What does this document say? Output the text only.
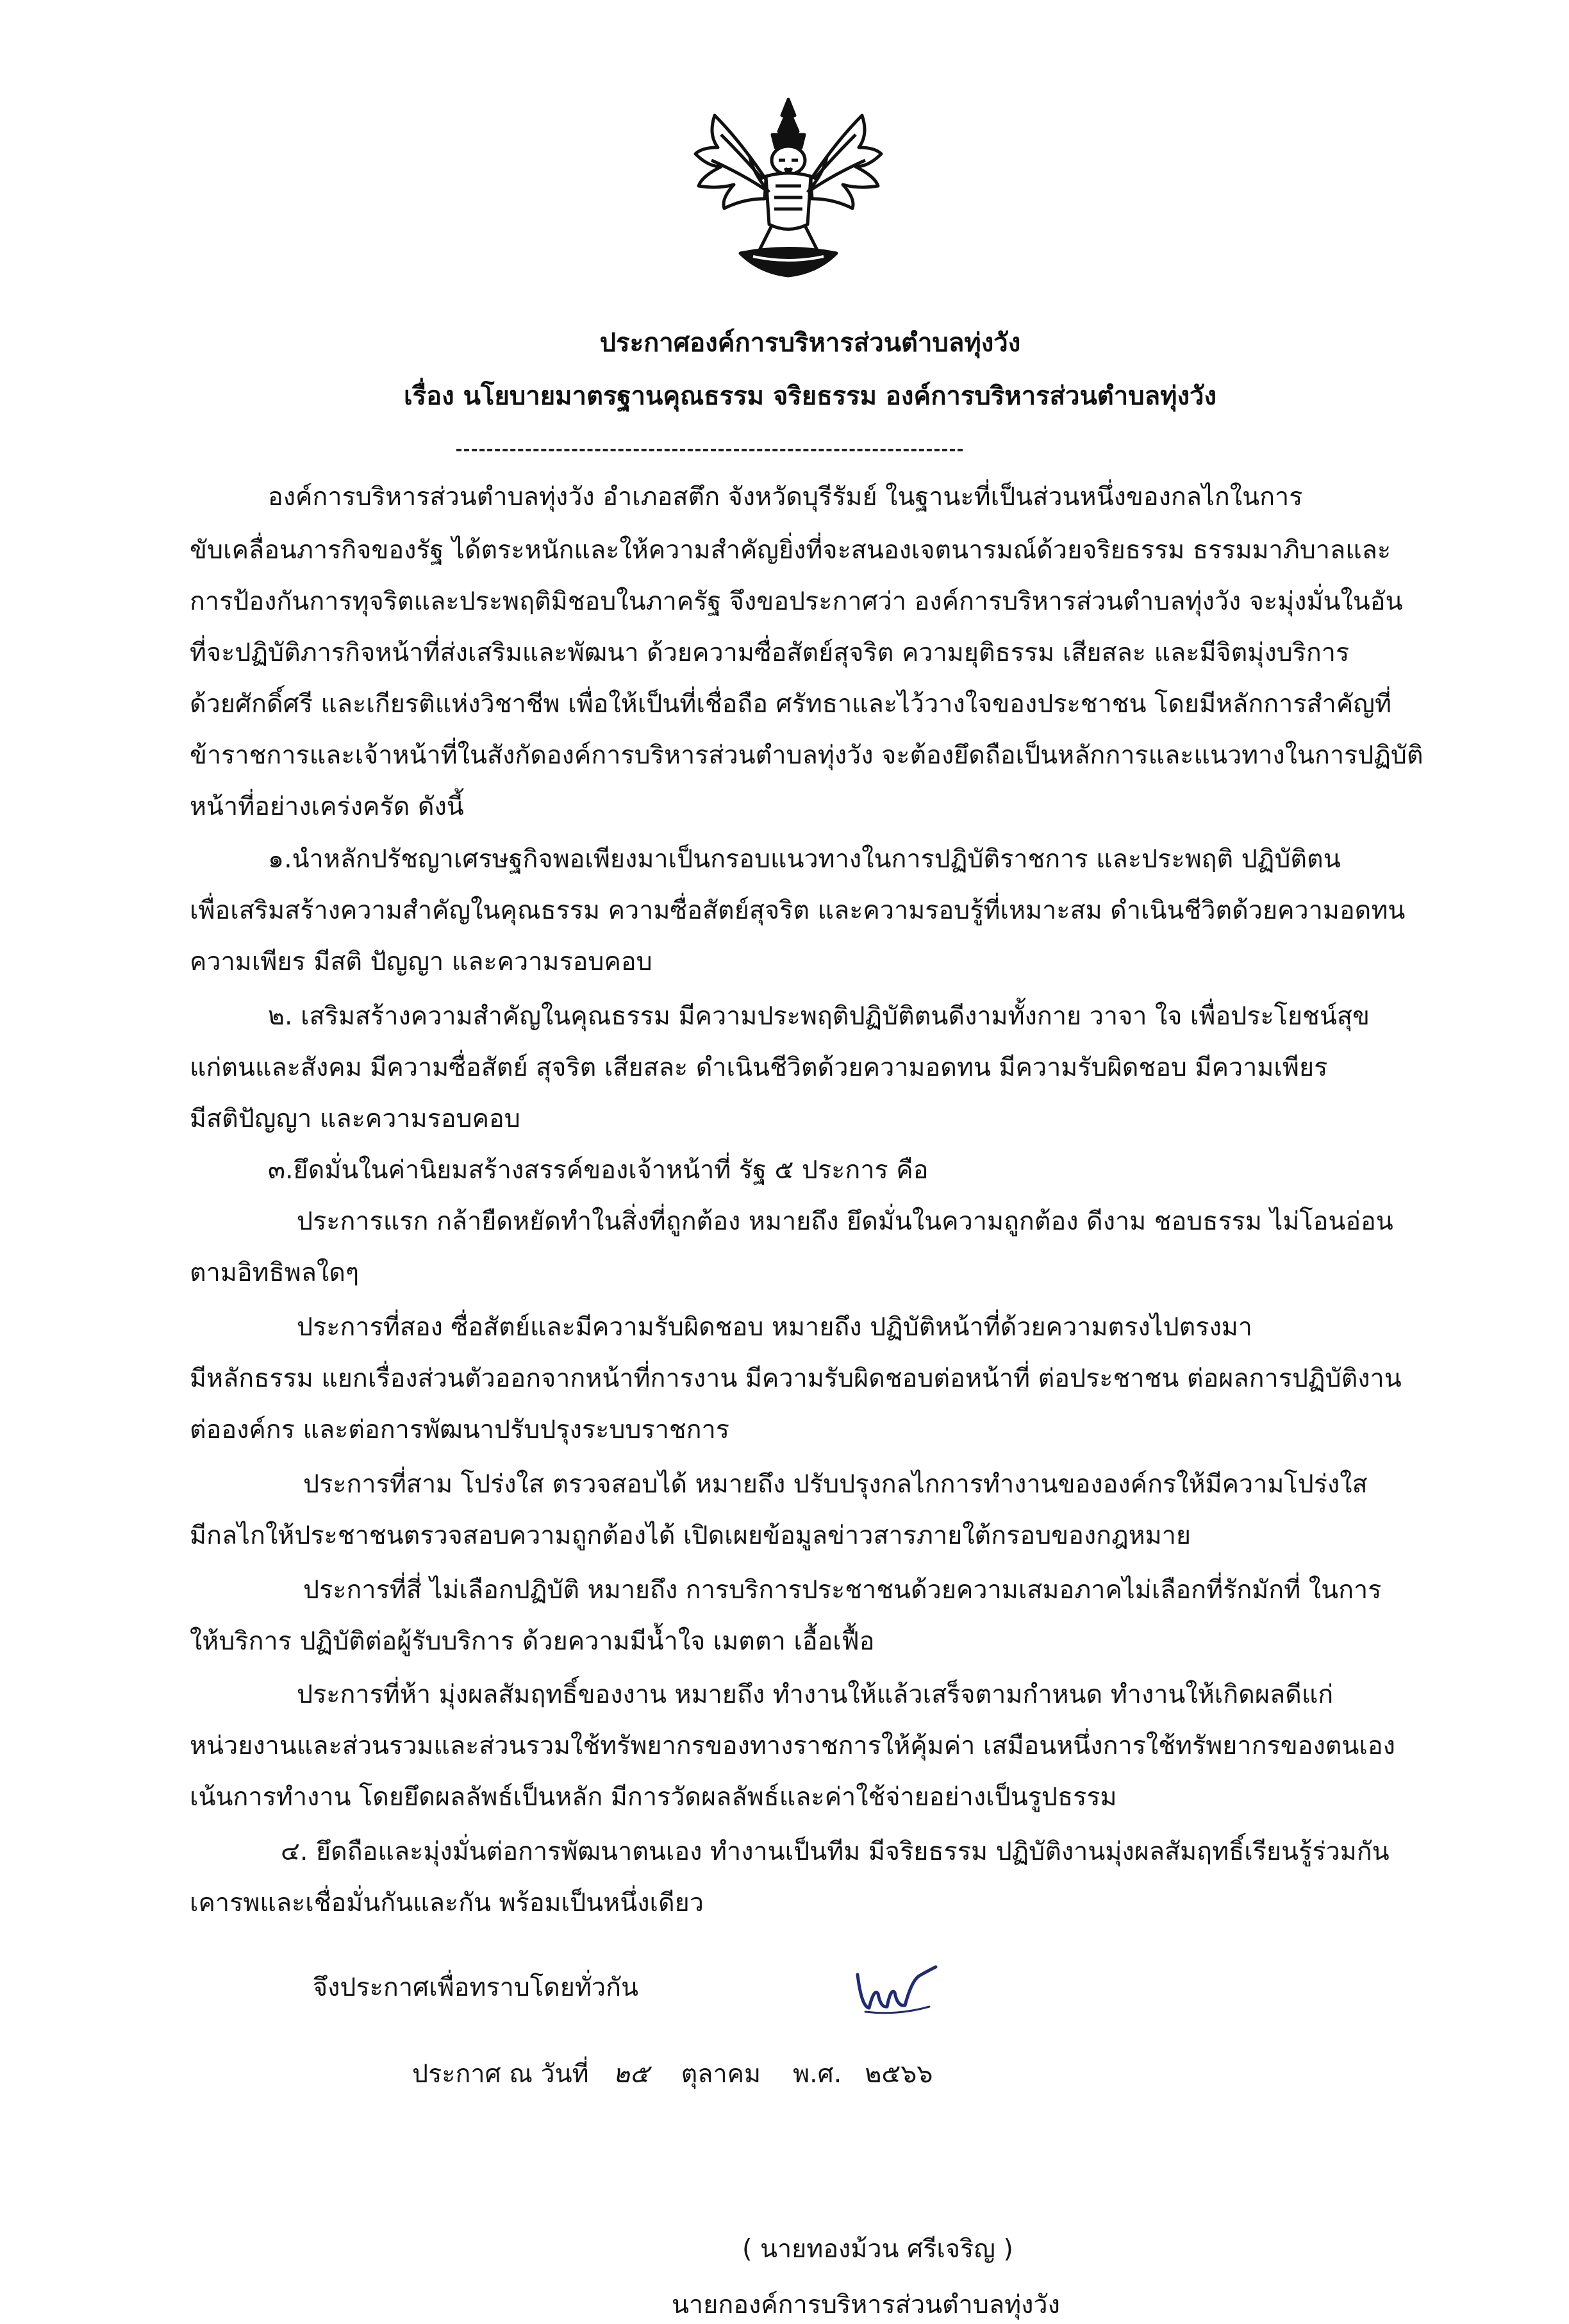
ประกาศองค์การบริหารส่วนตำบลทุ่งวัง
เรื่อง นโยบายมาตรฐานคุณธรรม จริยธรรม องค์การบริหารส่วนตำบลทุ่งวัง
องค์การบริหารส่วนตำบลทุ่งวัง อำเภอสตึก จังหวัดบุรีรัมย์ ในฐานะที่เป็นส่วนหนึ่งของกลไกในการ
ขับเคลื่อนภารกิจของรัฐ ได้ตระหนักและให้ความสำคัญยิ่งที่จะสนองเจตนารมณ์ด้วยจริยธรรม ธรรมมาภิบาลและ
การป้องกันการทุจริตและประพฤติมิชอบในภาครัฐ จึงขอประกาศว่า องค์การบริหารส่วนตำบลทุ่งวัง จะมุ่งมั่นในอัน
ที่จะปฏิบัติภารกิจหน้าที่ส่งเสริมและพัฒนา ด้วยความซื่อสัตย์สุจริต ความยุติธรรม เสียสละ และมีจิตมุ่งบริการ
ด้วยศักดิ์ศรี และเกียรติแห่งวิชาชีพ เพื่อให้เป็นที่เชื่อถือ ศรัทธาและไว้วางใจของประชาชน โดยมีหลักการสำคัญที่
ข้าราชการและเจ้าหน้าที่ในสังกัดองค์การบริหารส่วนตำบลทุ่งวัง จะต้องยึดถือเป็นหลักการและแนวทางในการปฏิบัติ
หน้าที่อย่างเคร่งครัด ดังนี้
๑.นำหลักปรัชญาเศรษฐกิจพอเพียงมาเป็นกรอบแนวทางในการปฏิบัติราชการ และประพฤติ ปฏิบัติตน
เพื่อเสริมสร้างความสำคัญในคุณธรรม ความซื่อสัตย์สุจริต และความรอบรู้ที่เหมาะสม ดำเนินชีวิตด้วยความอดทน
ความเพียร มีสติ ปัญญา และความรอบคอบ
๒. เสริมสร้างความสำคัญในคุณธรรม มีความประพฤติปฏิบัติตนดีงามทั้งกาย วาจา ใจ เพื่อประโยชน์สุข
แก่ตนและสังคม มีความซื่อสัตย์ สุจริต เสียสละ ดำเนินชีวิตด้วยความอดทน มีความรับผิดชอบ มีความเพียร
มีสติปัญญา และความรอบคอบ
๓.ยึดมั่นในค่านิยมสร้างสรรค์ของเจ้าหน้าที่ รัฐ ๕ ประการ คือ
ประการแรก กล้ายืดหยัดทำในสิ่งที่ถูกต้อง หมายถึง ยึดมั่นในความถูกต้อง ดีงาม ชอบธรรม ไม่โอนอ่อน
ตามอิทธิพลใดๆ
ประการที่สอง ซื่อสัตย์และมีความรับผิดชอบ หมายถึง ปฏิบัติหน้าที่ด้วยความตรงไปตรงมา
มีหลักธรรม แยกเรื่องส่วนตัวออกจากหน้าที่การงาน มีความรับผิดชอบต่อหน้าที่ ต่อประชาชน ต่อผลการปฏิบัติงาน
ต่อองค์กร และต่อการพัฒนาปรับปรุงระบบราชการ
ประการที่สาม โปร่งใส ตรวจสอบได้ หมายถึง ปรับปรุงกลไกการทำงานขององค์กรให้มีความโปร่งใส
มีกลไกให้ประชาชนตรวจสอบความถูกต้องได้ เปิดเผยข้อมูลข่าวสารภายใต้กรอบของกฎหมาย
ประการที่สี่ ไม่เลือกปฏิบัติ หมายถึง การบริการประชาชนด้วยความเสมอภาคไม่เลือกที่รักมักที่ ในการ
ให้บริการ ปฏิบัติต่อผู้รับบริการ ด้วยความมีน้ำใจ เมตตา เอื้อเฟื้อ
ประการที่ห้า มุ่งผลสัมฤทธิ์ของงาน หมายถึง ทำงานให้แล้วเสร็จตามกำหนด ทำงานให้เกิดผลดีแก่
หน่วยงานและส่วนรวมและส่วนรวมใช้ทรัพยากรของทางราชการให้คุ้มค่า เสมือนหนึ่งการใช้ทรัพยากรของตนเอง
เน้นการทำงาน โดยยึดผลลัพธ์เป็นหลัก มีการวัดผลลัพธ์และค่าใช้จ่ายอย่างเป็นรูปธรรม
๔. ยึดถือและมุ่งมั่นต่อการพัฒนาตนเอง ทำงานเป็นทีม มีจริยธรรม ปฏิบัติงานมุ่งผลสัมฤทธิ์เรียนรู้ร่วมกัน
เคารพและเชื่อมั่นกันและกัน พร้อมเป็นหนึ่งเดียว
จึงประกาศเพื่อทราบโดยทั่วกัน
ประกาศ ณ วันที่ ๒๕ ตุลาคม พ.ศ. ๒๕๖๖
( นายทองม้วน ศรีเจริญ )
นายกองค์การบริหารส่วนตำบลทุ่งวัง
